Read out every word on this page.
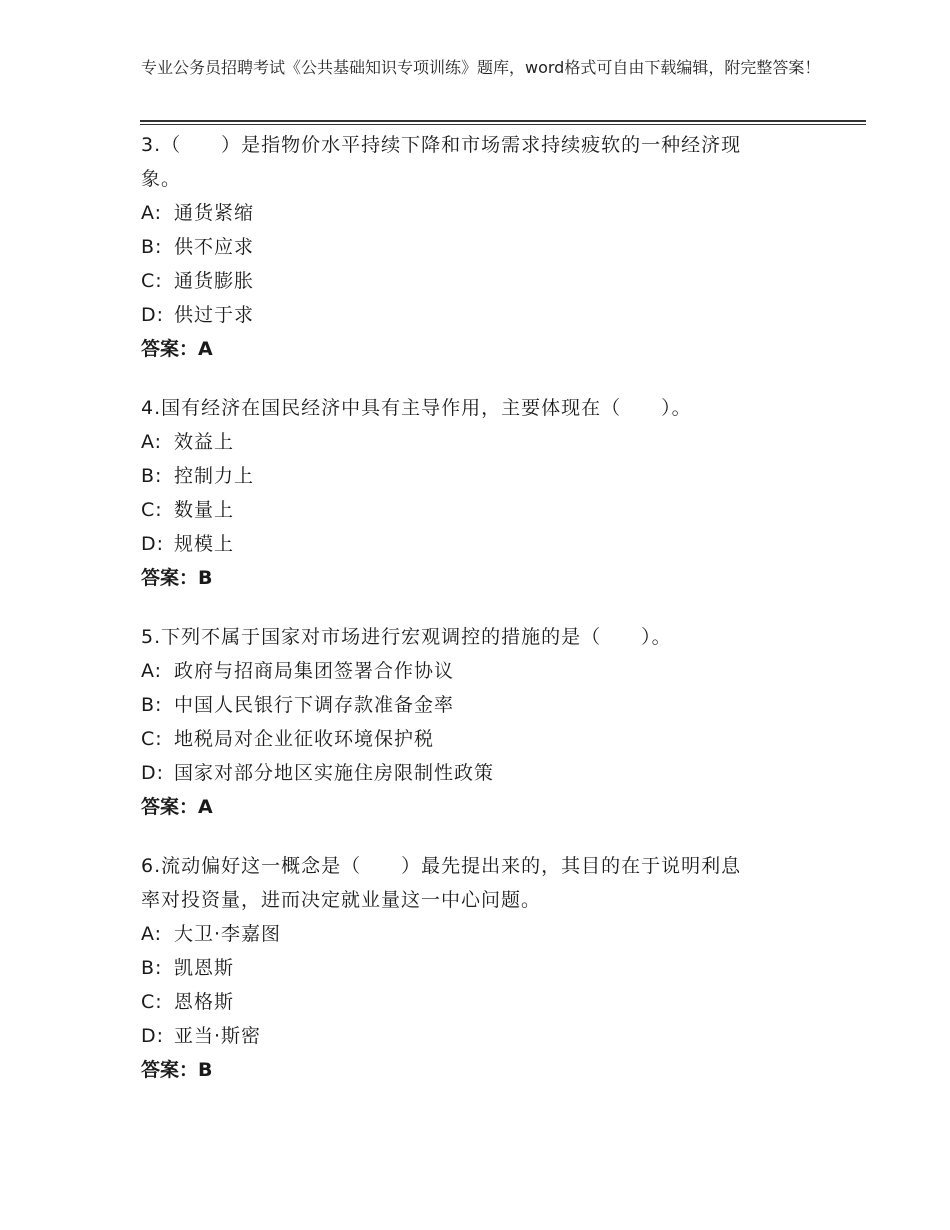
专业公务员招聘考试《公共基础知识专项训练》题库，word格式可自由下载编辑，附完整答案！

3.（　　）是指物价水平持续下降和市场需求持续疲软的一种经济现

象。

A: 通货紧缩

B: 供不应求

C: 通货膨胀

D: 供过于求

答案：A

4.国有经济在国民经济中具有主导作用，主要体现在（　　）。

A: 效益上

B: 控制力上

C: 数量上

D: 规模上

答案：B

5.下列不属于国家对市场进行宏观调控的措施的是（　　）。

A: 政府与招商局集团签署合作协议

B: 中国人民银行下调存款准备金率

C: 地税局对企业征收环境保护税

D: 国家对部分地区实施住房限制性政策

答案：A

6.流动偏好这一概念是（　　）最先提出来的，其目的在于说明利息

率对投资量，进而决定就业量这一中心问题。

A: 大卫·李嘉图

B: 凯恩斯

C: 恩格斯

D: 亚当·斯密

答案：B
